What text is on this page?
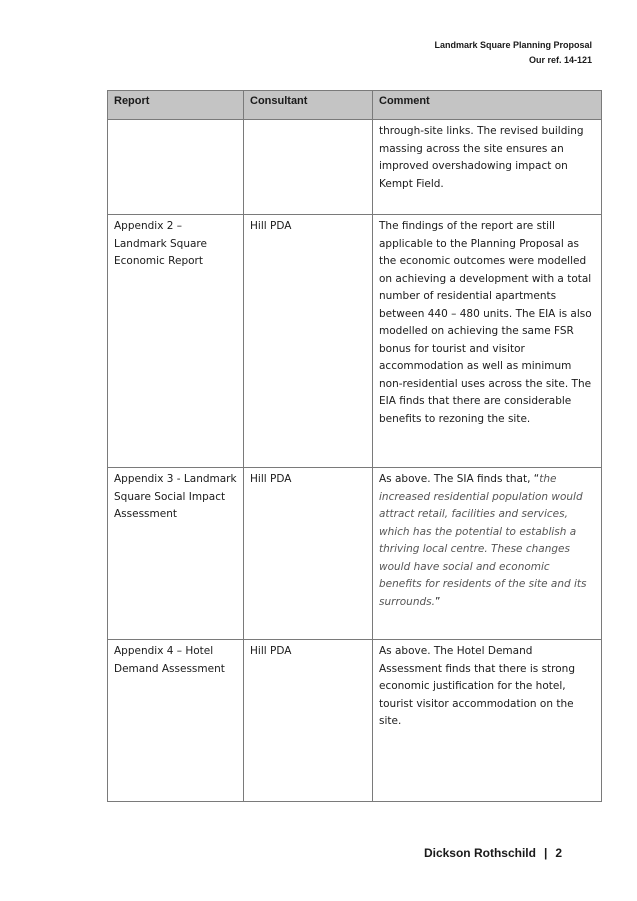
Landmark Square Planning Proposal
Our ref. 14-121
Report	Consultant	Comment
		through-site links. The revised building massing across the site ensures an improved overshadowing impact on Kempt Field.
Appendix 2 – Landmark Square Economic Report	Hill PDA	The findings of the report are still applicable to the Planning Proposal as the economic outcomes were modelled on achieving a development with a total number of residential apartments between 440 – 480 units. The EIA is also modelled on achieving the same FSR bonus for tourist and visitor accommodation as well as minimum non-residential uses across the site. The EIA finds that there are considerable benefits to rezoning the site.
Appendix 3 - Landmark Square Social Impact Assessment	Hill PDA	As above. The SIA finds that, “the increased residential population would attract retail, facilities and services, which has the potential to establish a thriving local centre. These changes would have social and economic benefits for residents of the site and its surrounds.”
Appendix 4 – Hotel Demand Assessment	Hill PDA	As above. The Hotel Demand Assessment finds that there is strong economic justification for the hotel, tourist visitor accommodation on the site.
Dickson Rothschild | 2
